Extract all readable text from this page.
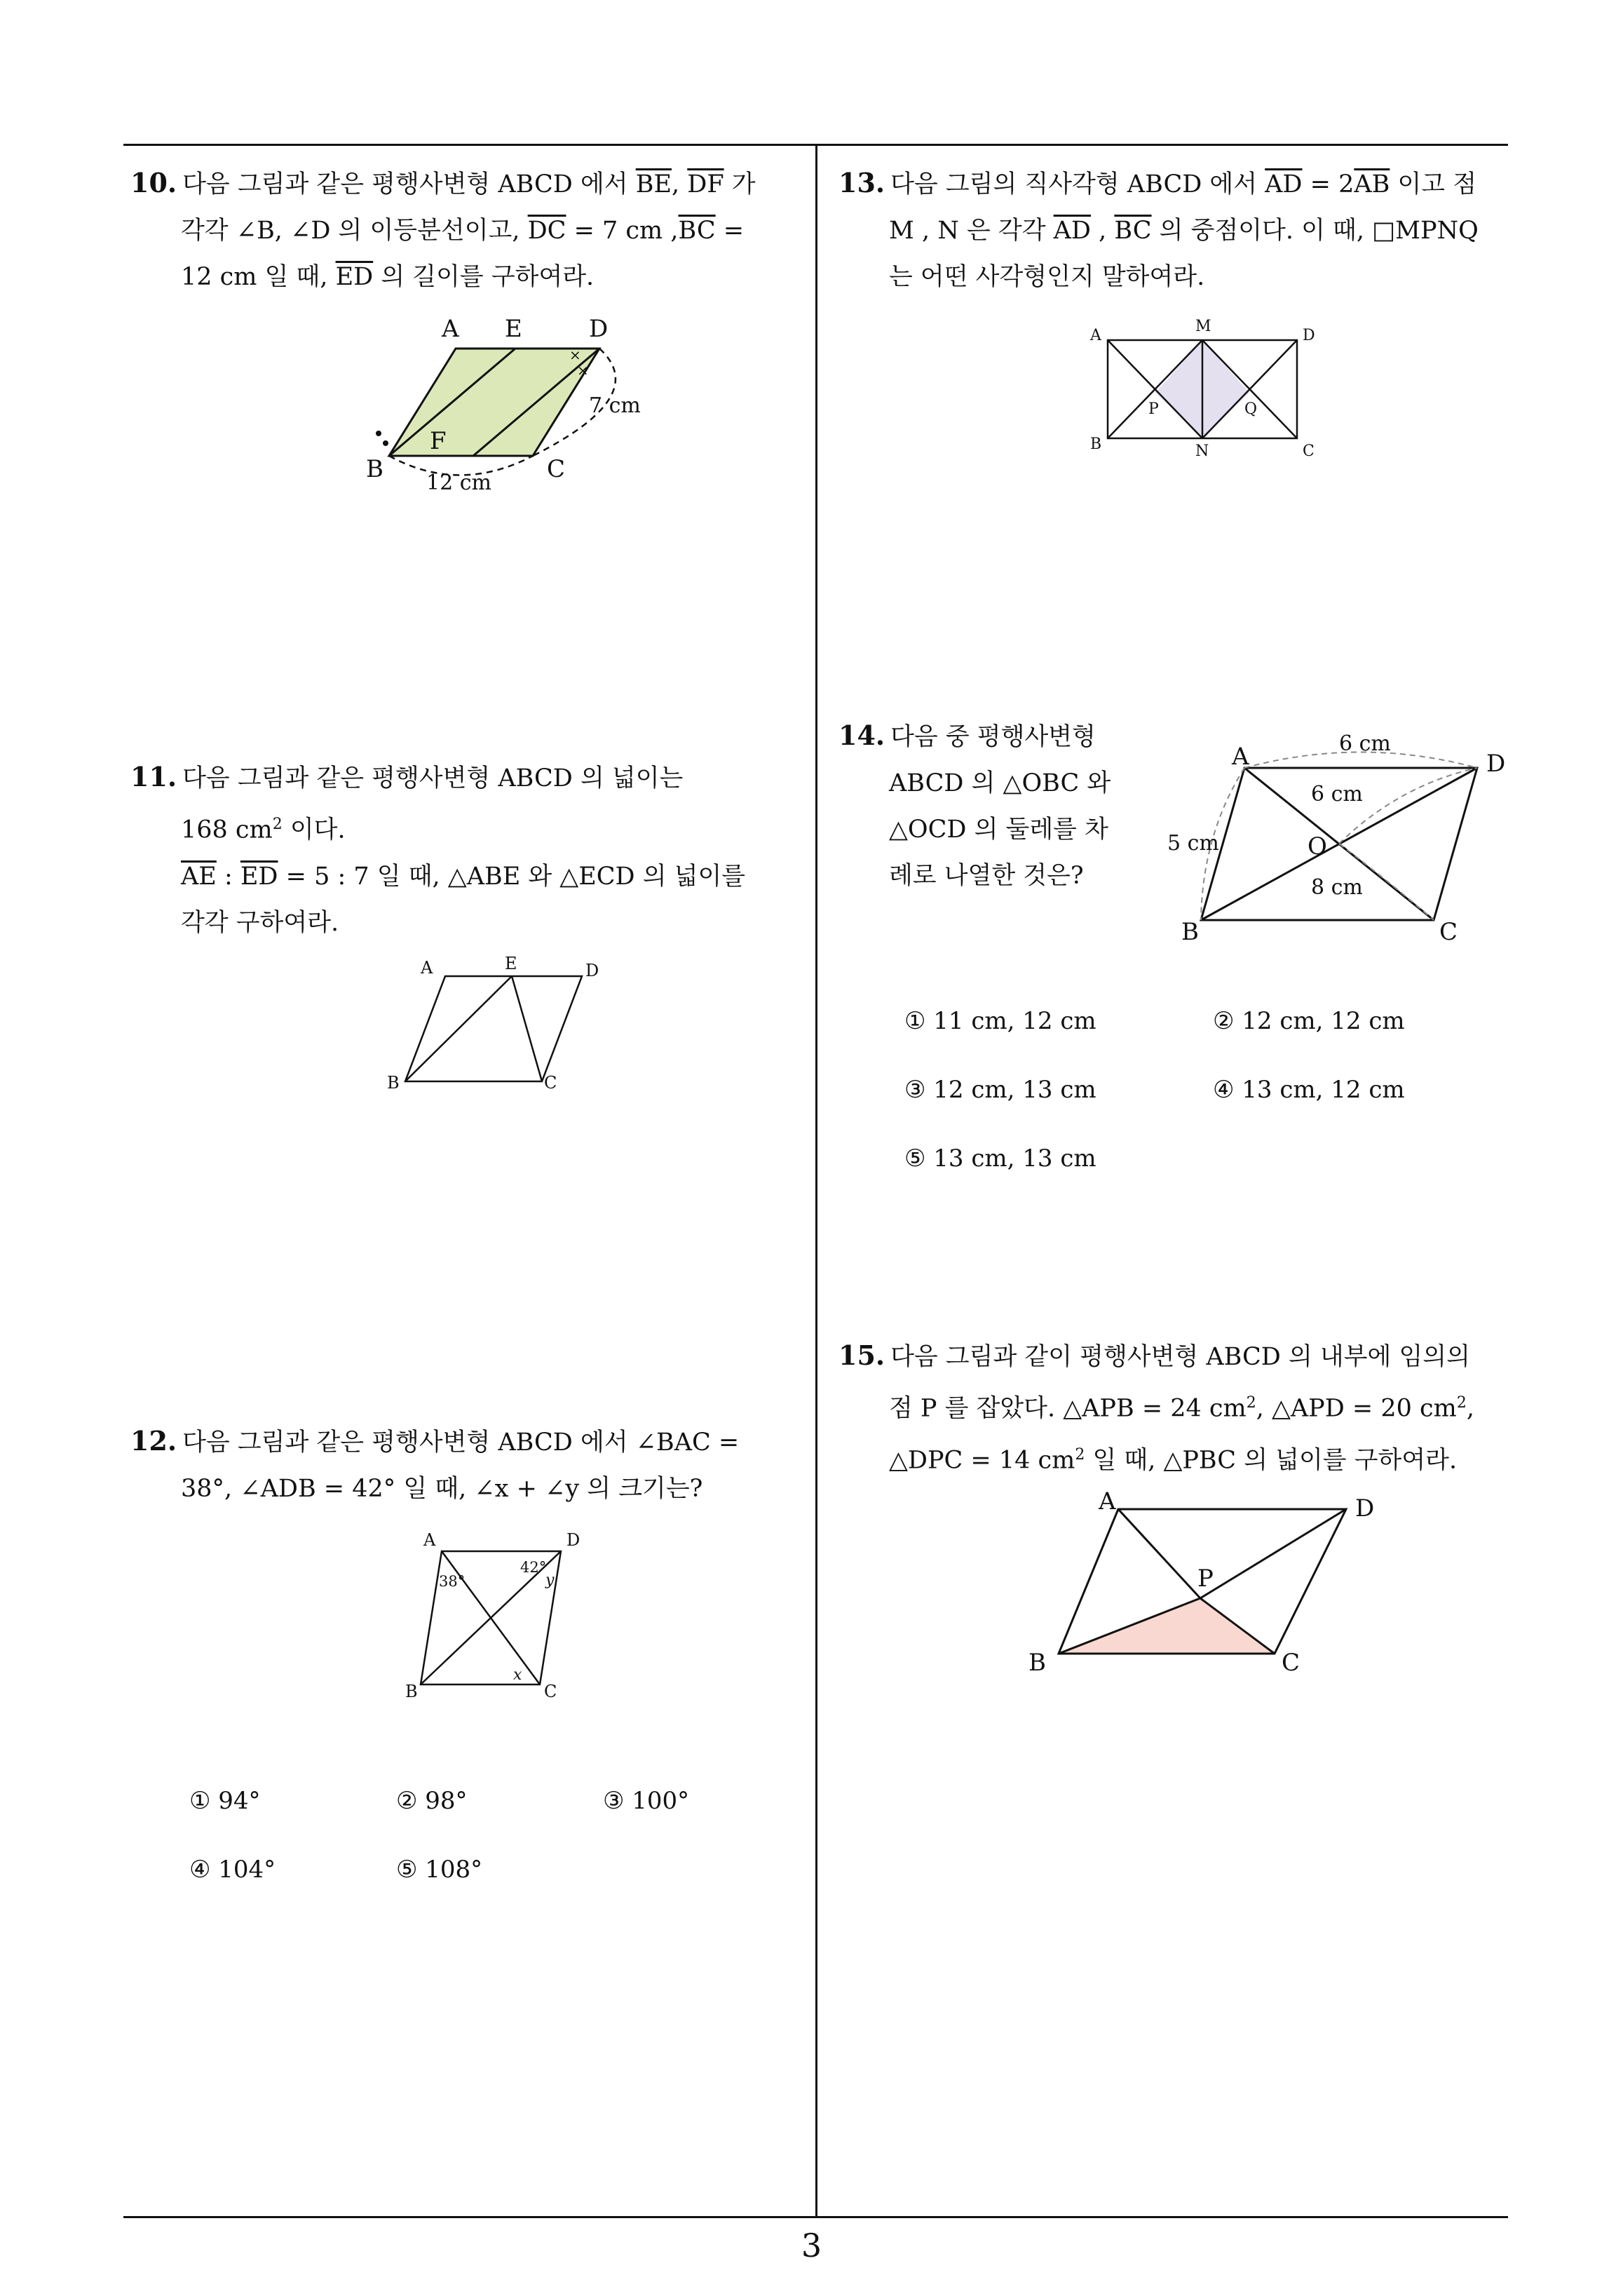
10. 다음 그림과 같은 평행사변형 ABCD 에서 $\overline{BE}$, $\overline{DF}$ 가
각각 ∠B, ∠D 의 이등분선이고, $\overline{DC} = 7$ cm $,\overline{BC}$ =
12 cm 일 때, $\overline{ED}$ 의 길이를 구하여라.
×
×
A E	D
F
B	C
7 cm
12 cm
11. 다음 그림과 같은 평행사변형 ABCD 의 넓이는
168 $cm^2$ 이다.
$\overline{AE}$ : $\overline{ED} = 5$ : 7 일 때, △ABE 와 △ECD 의 넓이를
각각 구하여라.
A	E	D
B	C
12. 다음 그림과 같은 평행사변형 ABCD 에서 ∠BAC =
38°, ∠ADB = 42° 일 때, ∠x + ∠y 의 크기는?
A	D
B	C
38°
42°
y
x
① 94°	② 98°	③ 100°
④ 104°	⑤ 108°
13. 다음 그림의 직사각형 ABCD 에서 $\overline{AD} = 2\overline{AB}$ 이고 점
M , N 은 각각 $\overline{AD}$ , $\overline{BC}$ 의 중점이다. 이 때, □MPNQ
는 어떤 사각형인지 말하여라.
A
M
D
P	Q
B	N	C
14. 다음 중 평행사변형
ABCD 의 △OBC 와
△OCD 의 둘레를 차
례로 나열한 것은?
A	D
O
B	C
6 cm
6 cm
5 cm
8 cm
① 11 cm, 12 cm	② 12 cm, 12 cm
③ 12 cm, 13 cm	④ 13 cm, 12 cm
⑤ 13 cm, 13 cm
15. 다음 그림과 같이 평행사변형 ABCD 의 내부에 임의의
점 P 를 잡았다. △APB = 24 $cm^2$, △APD = 20 $cm^2$,
△DPC = 14 $cm^2$ 일 때, △PBC 의 넓이를 구하여라.
A	D
P
B	C
3
